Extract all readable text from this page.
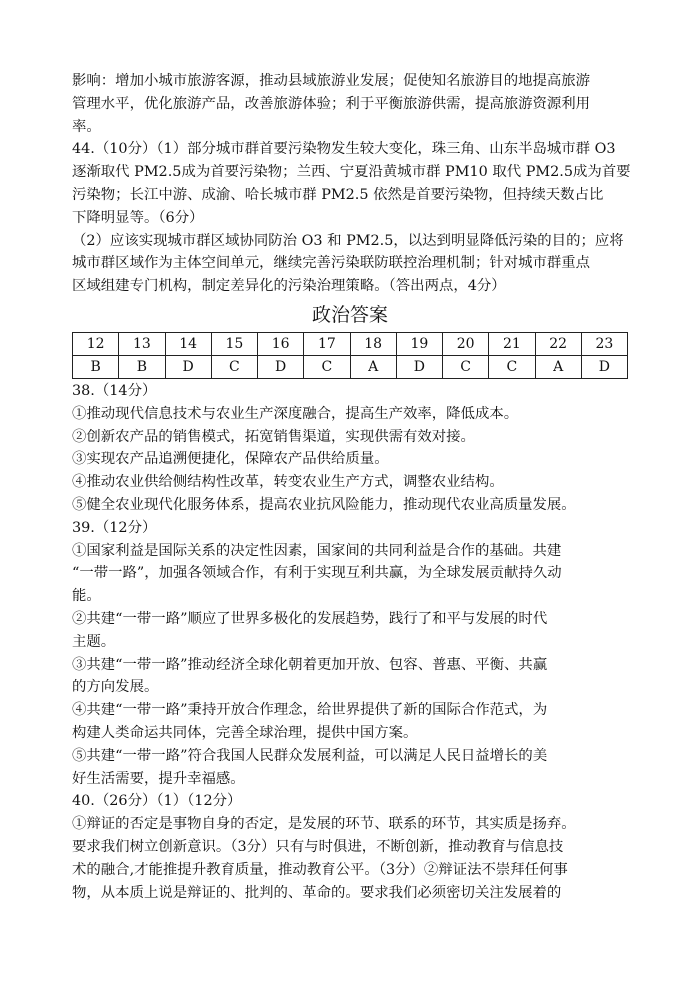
影响：增加小城市旅游客源，推动县域旅游业发展；促使知名旅游目的地提高旅游
管理水平，优化旅游产品，改善旅游体验；利于平衡旅游供需，提高旅游资源利用
率。
44.（10分）（1）部分城市群首要污染物发生较大变化，珠三角、山东半岛城市群 O3
逐渐取代 PM2.5成为首要污染物；兰西、宁夏沿黄城市群 PM10 取代 PM2.5成为首要
污染物；长江中游、成渝、哈长城市群 PM2.5 依然是首要污染物，但持续天数占比
下降明显等。（6分）
（2）应该实现城市群区域协同防治 O3 和 PM2.5，以达到明显降低污染的目的；应将
城市群区域作为主体空间单元，继续完善污染联防联控治理机制；针对城市群重点
区域组建专门机构，制定差异化的污染治理策略。（答出两点，4分）
政治答案
12	13	14	15	16	17	18	19	20	21	22	23
B	B	D	C	D	C	A	D	C	C	A	D
38.（14分）
①推动现代信息技术与农业生产深度融合，提高生产效率，降低成本。
②创新农产品的销售模式，拓宽销售渠道，实现供需有效对接。
③实现农产品追溯便捷化，保障农产品供给质量。
④推动农业供给侧结构性改革，转变农业生产方式，调整农业结构。
⑤健全农业现代化服务体系，提高农业抗风险能力，推动现代农业高质量发展。
39.（12分）
①国家利益是国际关系的决定性因素，国家间的共同利益是合作的基础。共建
“一带一路”，加强各领域合作，有利于实现互利共赢，为全球发展贡献持久动
能。
②共建“一带一路”顺应了世界多极化的发展趋势，践行了和平与发展的时代
主题。
③共建“一带一路”推动经济全球化朝着更加开放、包容、普惠、平衡、共赢
的方向发展。
④共建“一带一路”秉持开放合作理念，给世界提供了新的国际合作范式，为
构建人类命运共同体，完善全球治理，提供中国方案。
⑤共建“一带一路”符合我国人民群众发展利益，可以满足人民日益增长的美
好生活需要，提升幸福感。
40.（26分）（1）（12分）
①辩证的否定是事物自身的否定，是发展的环节、联系的环节，其实质是扬弃。
要求我们树立创新意识。（3分）只有与时俱进，不断创新，推动教育与信息技
术的融合,才能推提升教育质量，推动教育公平。（3分）②辩证法不崇拜任何事
物，从本质上说是辩证的、批判的、革命的。要求我们必须密切关注发展着的
